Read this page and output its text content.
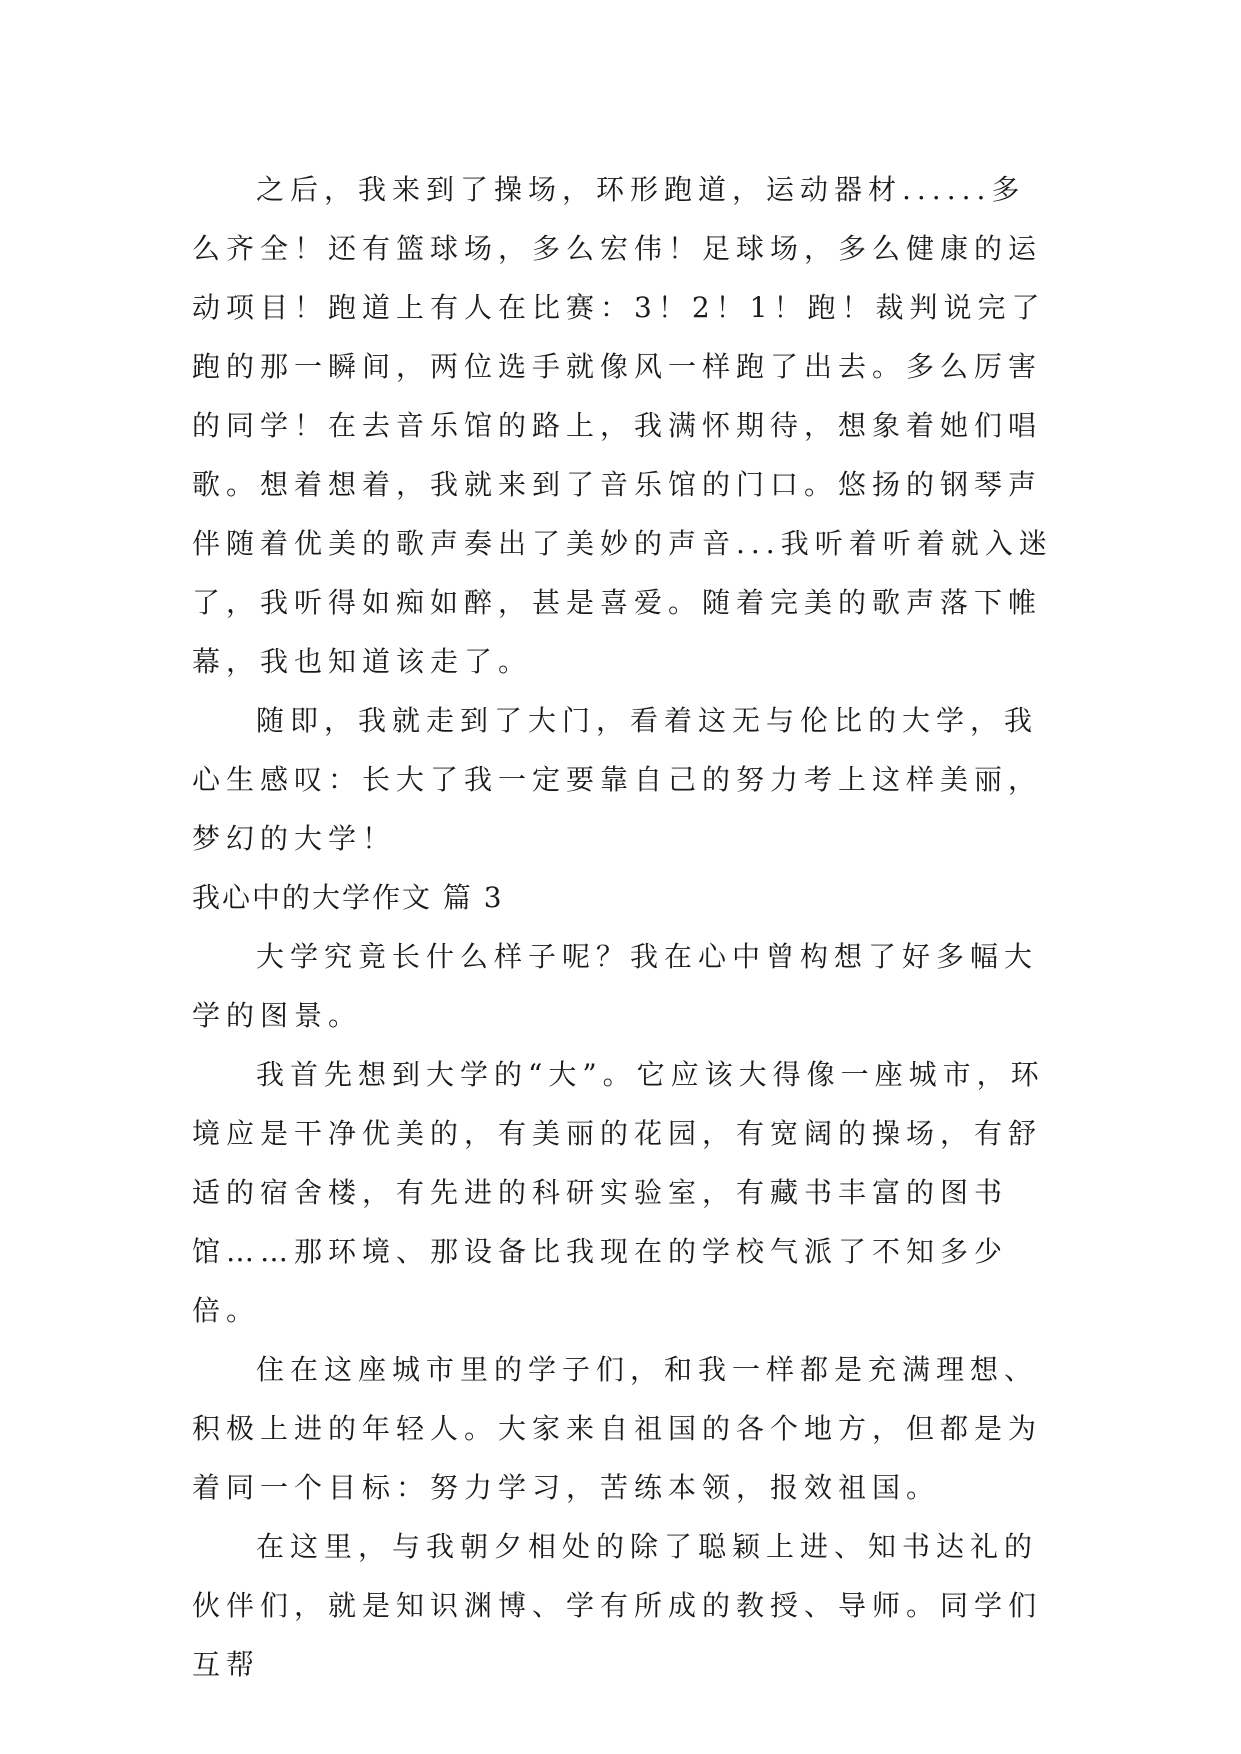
之后，我来到了操场，环形跑道，运动器材......多么齐全！还有篮球场，多么宏伟！足球场，多么健康的运动项目！跑道上有人在比赛：3！2！1！跑！裁判说完了跑的那一瞬间，两位选手就像风一样跑了出去。多么厉害的同学！在去音乐馆的路上，我满怀期待，想象着她们唱歌。想着想着，我就来到了音乐馆的门口。悠扬的钢琴声伴随着优美的歌声奏出了美妙的声音...我听着听着就入迷了，我听得如痴如醉，甚是喜爱。随着完美的歌声落下帷幕，我也知道该走了。

随即，我就走到了大门，看着这无与伦比的大学，我心生感叹：长大了我一定要靠自己的努力考上这样美丽，梦幻的大学！

我心中的大学作文 篇 3

大学究竟长什么样子呢？我在心中曾构想了好多幅大学的图景。

我首先想到大学的“大”。它应该大得像一座城市，环境应是干净优美的，有美丽的花园，有宽阔的操场，有舒适的宿舍楼，有先进的科研实验室，有藏书丰富的图书馆……那环境、那设备比我现在的学校气派了不知多少倍。

住在这座城市里的学子们，和我一样都是充满理想、积极上进的年轻人。大家来自祖国的各个地方，但都是为着同一个目标：努力学习，苦练本领，报效祖国。

在这里，与我朝夕相处的除了聪颖上进、知书达礼的伙伴们，就是知识渊博、学有所成的教授、导师。同学们互帮
